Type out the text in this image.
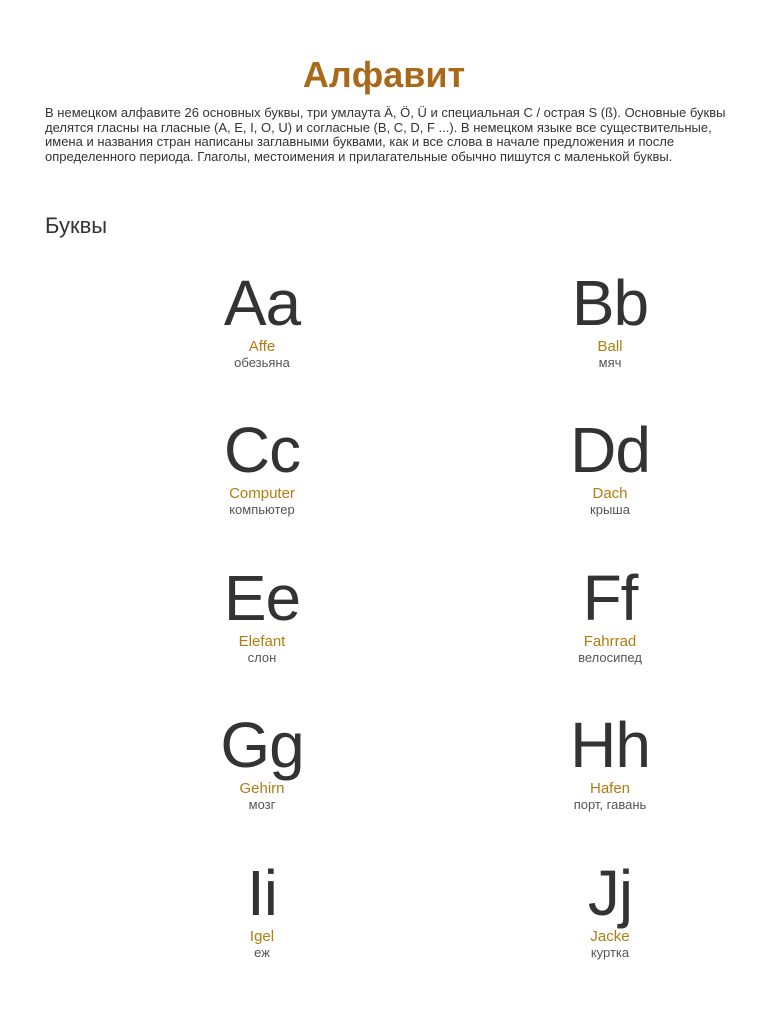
Алфавит

В немецком алфавите 26 основных буквы, три умлаута Ä, Ö, Ü и специальная С / острая S (ß). Основные буквы делятся гласны на гласные (A, E, I, O, U) и согласные (B, C, D, F ...). В немецком языке все существительные, имена и названия стран написаны заглавными буквами, как и все слова в начале предложения и после определенного периода. Глаголы, местоимения и прилагательные обычно пишутся с маленькой буквы.

Буквы
Aa
Affe
обезьяна
Bb
Ball
мяч
Cc
Computer
компьютер
Dd
Dach
крыша
Ee
Elefant
слон
Ff
Fahrrad
велосипед
Gg
Gehirn
мозг
Hh
Hafen
порт, гавань
Ii
Igel
еж
Jj
Jacke
куртка
